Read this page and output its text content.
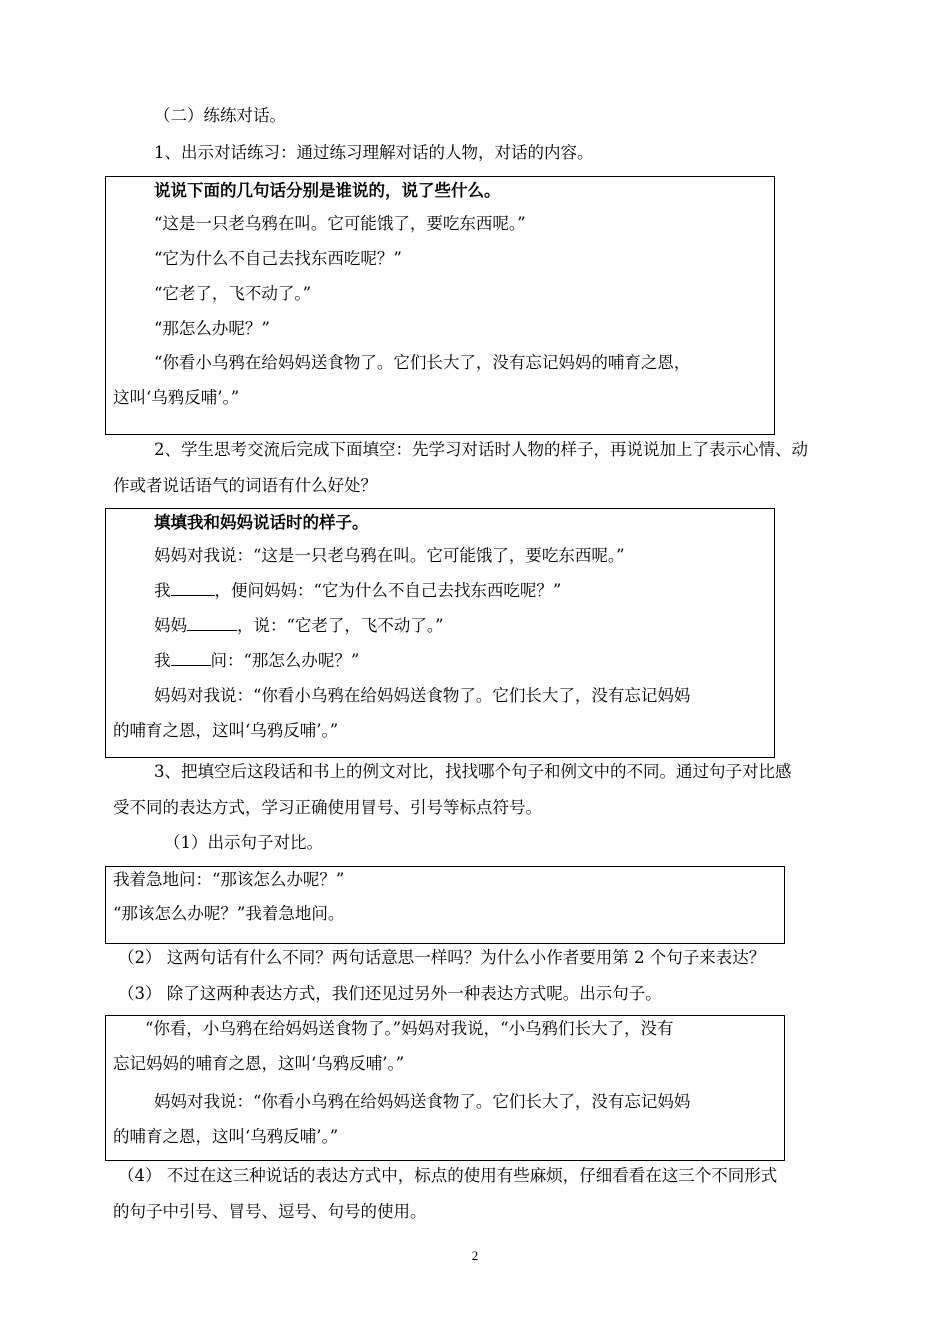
（二）练练对话。
1、出示对话练习：通过练习理解对话的人物，对话的内容。
说说下面的几句话分别是谁说的，说了些什么。
“这是一只老乌鸦在叫。它可能饿了，要吃东西呢。”
“它为什么不自己去找东西吃呢？”
“它老了，飞不动了。”
“那怎么办呢？”
“你看小乌鸦在给妈妈送食物了。它们长大了，没有忘记妈妈的哺育之恩，
这叫‘乌鸦反哺’。”
2、学生思考交流后完成下面填空：先学习对话时人物的样子，再说说加上了表示心情、动
作或者说话语气的词语有什么好处？
填填我和妈妈说话时的样子。
妈妈对我说：“这是一只老乌鸦在叫。它可能饿了，要吃东西呢。”
我	，便问妈妈：“它为什么不自己去找东西吃呢？”
妈妈	，说：“它老了，飞不动了。”
我 问：“那怎么办呢？”
妈妈对我说：“你看小乌鸦在给妈妈送食物了。它们长大了，没有忘记妈妈
的哺育之恩，这叫‘乌鸦反哺’。”
3、把填空后这段话和书上的例文对比，找找哪个句子和例文中的不同。通过句子对比感
受不同的表达方式，学习正确使用冒号、引号等标点符号。
（1）出示句子对比。
我着急地问：“那该怎么办呢？”
“那该怎么办呢？”我着急地问。
（2） 这两句话有什么不同？两句话意思一样吗？为什么小作者要用第 2 个句子来表达？
（3） 除了这两种表达方式，我们还见过另外一种表达方式呢。出示句子。
“你看，小乌鸦在给妈妈送食物了。”妈妈对我说，“小乌鸦们长大了，没有
忘记妈妈的哺育之恩，这叫‘乌鸦反哺’。”
妈妈对我说：“你看小乌鸦在给妈妈送食物了。它们长大了，没有忘记妈妈
的哺育之恩，这叫‘乌鸦反哺’。”
（4） 不过在这三种说话的表达方式中，标点的使用有些麻烦，仔细看看在这三个不同形式
的句子中引号、冒号、逗号、句号的使用。
2
